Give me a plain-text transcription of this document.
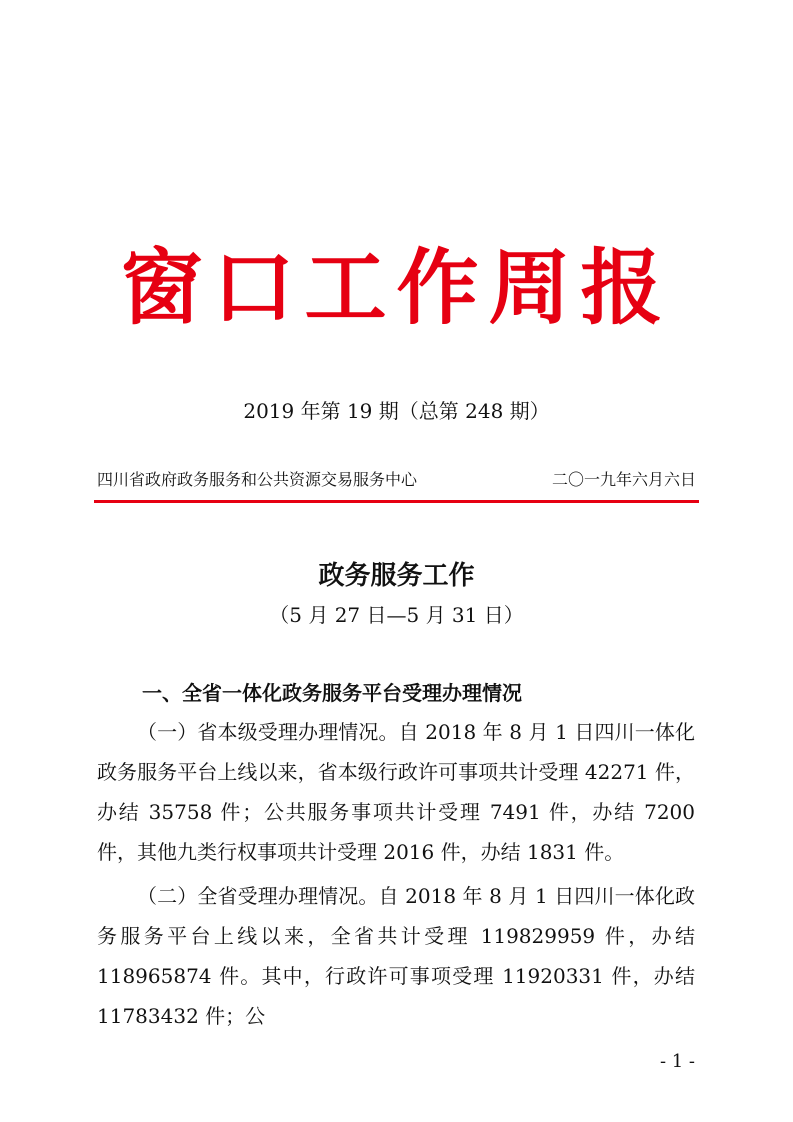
窗口工作周报
2019 年第 19 期（总第 248 期）
四川省政府政务服务和公共资源交易服务中心	二〇一九年六月六日
政务服务工作
（5 月 27 日—5 月 31 日）
一、全省一体化政务服务平台受理办理情况
（一）省本级受理办理情况。自 2018 年 8 月 1 日四川一体化政务服务平台上线以来，省本级行政许可事项共计受理 42271 件，办结 35758 件；公共服务事项共计受理 7491 件，办结 7200 件，其他九类行权事项共计受理 2016 件，办结 1831 件。
（二）全省受理办理情况。自 2018 年 8 月 1 日四川一体化政务服务平台上线以来，全省共计受理 119829959 件，办结 118965874 件。其中，行政许可事项受理 11920331 件，办结 11783432 件；公
- 1 -
